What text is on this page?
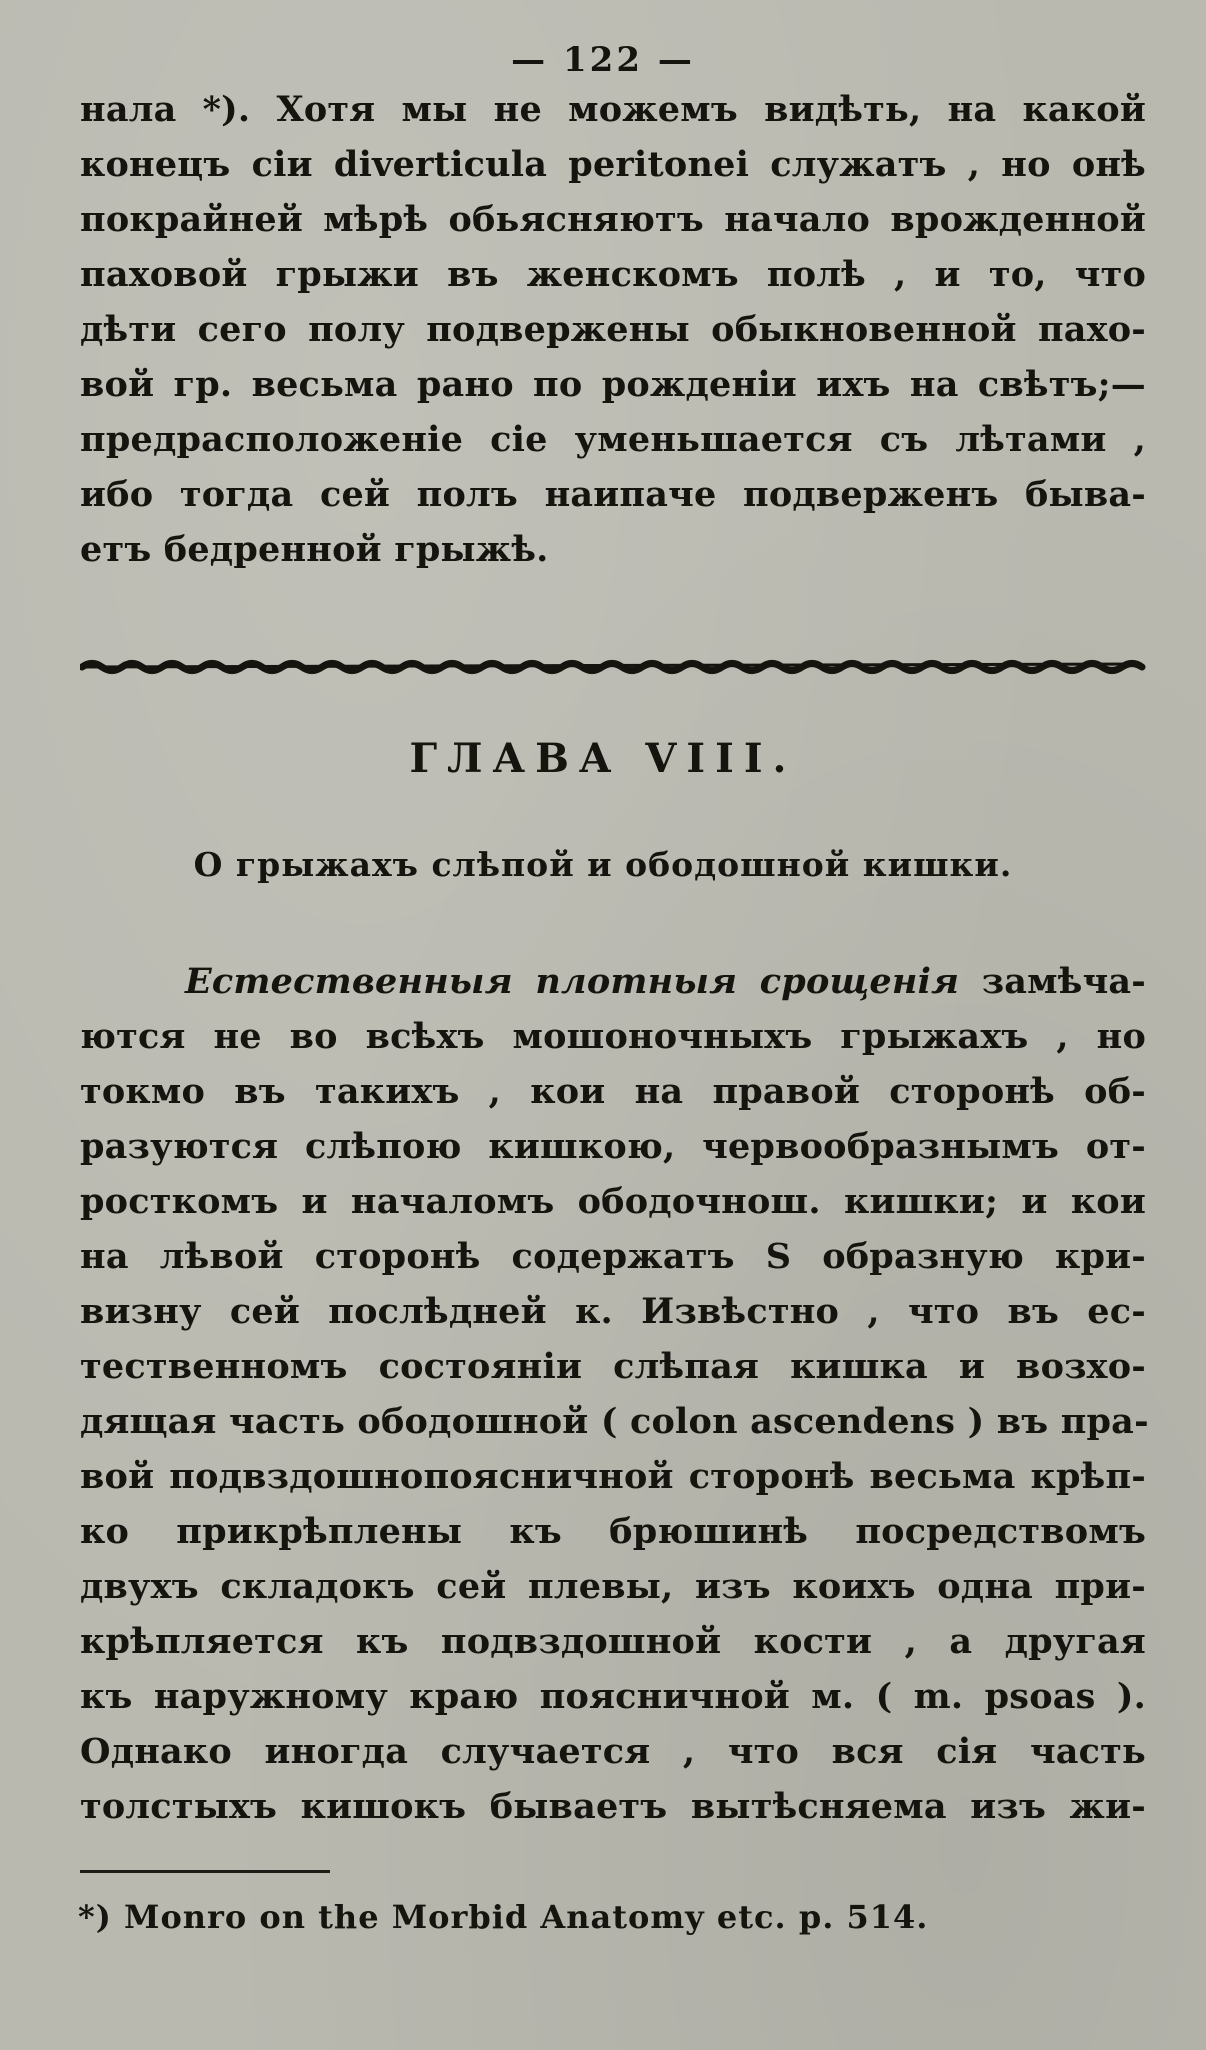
— 122 —
нала *). Хотя мы не можемъ видѣть, на какой
конецъ сіи diverticula peritonei служатъ , но онѣ
покрайней мѣрѣ обьясняютъ начало врожденной
паховой грыжи въ женскомъ полѣ , и то, что
дѣти сего полу подвержены обыкновенной пахо-
вой гр. весьма рано по рожденіи ихъ на свѣтъ;—
предрасположеніе сіе уменьшается съ лѣтами ,
ибо тогда сей полъ наипаче подверженъ быва-
етъ бедренной грыжѣ.
ГЛАВА VIII.
О грыжахъ слѣпой и ободошной кишки.
Естественныя плотныя срощенія замѣча-
ются не во всѣхъ мошоночныхъ грыжахъ , но
токмо въ такихъ , кои на правой сторонѣ об-
разуются слѣпою кишкою, червообразнымъ от-
росткомъ и началомъ ободочнoш. кишки; и кои
на лѣвой сторонѣ содержатъ S образную кри-
визну сей послѣдней к. Извѣстно , что въ ес-
тественномъ состояніи слѣпая кишка и возхо-
дящая часть ободошной ( colon ascendens ) въ пра-
вой подвздошнопоясничной сторонѣ весьма крѣп-
ко прикрѣплены къ брюшинѣ посредствомъ
двухъ складокъ сей плевы, изъ коихъ одна при-
крѣпляется къ подвздошной кости , а другая
къ наружному краю поясничной м. ( m. psoas ).
Однако иногда случается , что вся сія часть
толстыхъ кишокъ бываетъ вытѣсняема изъ жи-
*) Monro on the Morbid Anatomy etc. p. 514.
